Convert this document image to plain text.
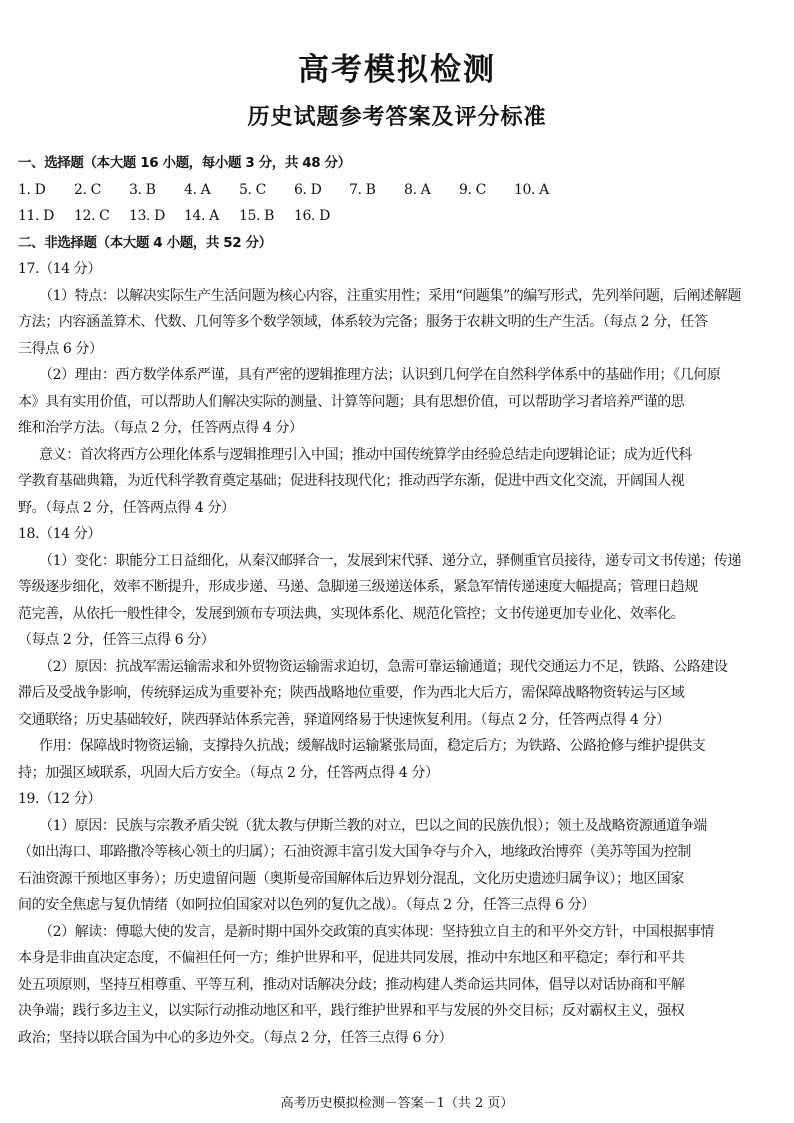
高考模拟检测
历史试题参考答案及评分标准
一、选择题（本大题 16 小题，每小题 3 分，共 48 分）
1. D 2. C 3. B 4. A 5. C 6. D 7. B 8. A 9. C 10. A
11. D 12. C 13. D 14. A 15. B 16. D
二、非选择题（本大题 4 小题，共 52 分）
17.（14 分）
（1）特点：以解决实际生产生活问题为核心内容，注重实用性；采用“问题集”的编写形式，先列举问题，后阐述解题
方法；内容涵盖算术、代数、几何等多个数学领域，体系较为完备；服务于农耕文明的生产生活。（每点 2 分，任答
三得点 6 分）
（2）理由：西方数学体系严谨，具有严密的逻辑推理方法；认识到几何学在自然科学体系中的基础作用；《几何原
本》具有实用价值，可以帮助人们解决实际的测量、计算等问题；具有思想价值，可以帮助学习者培养严谨的思
维和治学方法。（每点 2 分，任答两点得 4 分）
意义：首次将西方公理化体系与逻辑推理引入中国；推动中国传统算学由经验总结走向逻辑论证；成为近代科
学教育基础典籍，为近代科学教育奠定基础；促进科技现代化；推动西学东渐，促进中西文化交流，开阔国人视
野。（每点 2 分，任答两点得 4 分）
18.（14 分）
（1）变化：职能分工日益细化，从秦汉邮驿合一，发展到宋代驿、递分立，驿侧重官员接待，递专司文书传递；传递
等级逐步细化，效率不断提升，形成步递、马递、急脚递三级递送体系，紧急军情传递速度大幅提高；管理日趋规
范完善，从依托一般性律令，发展到颁布专项法典，实现体系化、规范化管控；文书传递更加专业化、效率化。
（每点 2 分，任答三点得 6 分）
（2）原因：抗战军需运输需求和外贸物资运输需求迫切，急需可靠运输通道；现代交通运力不足，铁路、公路建设
滞后及受战争影响，传统驿运成为重要补充；陕西战略地位重要，作为西北大后方，需保障战略物资转运与区域
交通联络；历史基础较好，陕西驿站体系完善，驿道网络易于快速恢复利用。（每点 2 分，任答两点得 4 分）
作用：保障战时物资运输，支撑持久抗战；缓解战时运输紧张局面，稳定后方；为铁路、公路抢修与维护提供支
持；加强区域联系，巩固大后方安全。（每点 2 分，任答两点得 4 分）
19.（12 分）
（1）原因：民族与宗教矛盾尖锐（犹太教与伊斯兰教的对立，巴以之间的民族仇恨）；领土及战略资源通道争端
（如出海口、耶路撒冷等核心领土的归属）；石油资源丰富引发大国争夺与介入，地缘政治博弈（美苏等国为控制
石油资源干预地区事务）；历史遗留问题（奥斯曼帝国解体后边界划分混乱，文化历史遗迹归属争议）；地区国家
间的安全焦虑与复仇情绪（如阿拉伯国家对以色列的复仇之战）。（每点 2 分，任答三点得 6 分）
（2）解读：傅聪大使的发言，是新时期中国外交政策的真实体现：坚持独立自主的和平外交方针，中国根据事情
本身是非曲直决定态度，不偏袒任何一方；维护世界和平，促进共同发展，推动中东地区和平稳定；奉行和平共
处五项原则，坚持互相尊重、平等互利，推动对话解决分歧；推动构建人类命运共同体，倡导以对话协商和平解
决争端；践行多边主义，以实际行动推动地区和平，践行维护世界和平与发展的外交目标；反对霸权主义，强权
政治；坚持以联合国为中心的多边外交。（每点 2 分，任答三点得 6 分）
高考历史模拟检测－答案－1（共 2 页）
